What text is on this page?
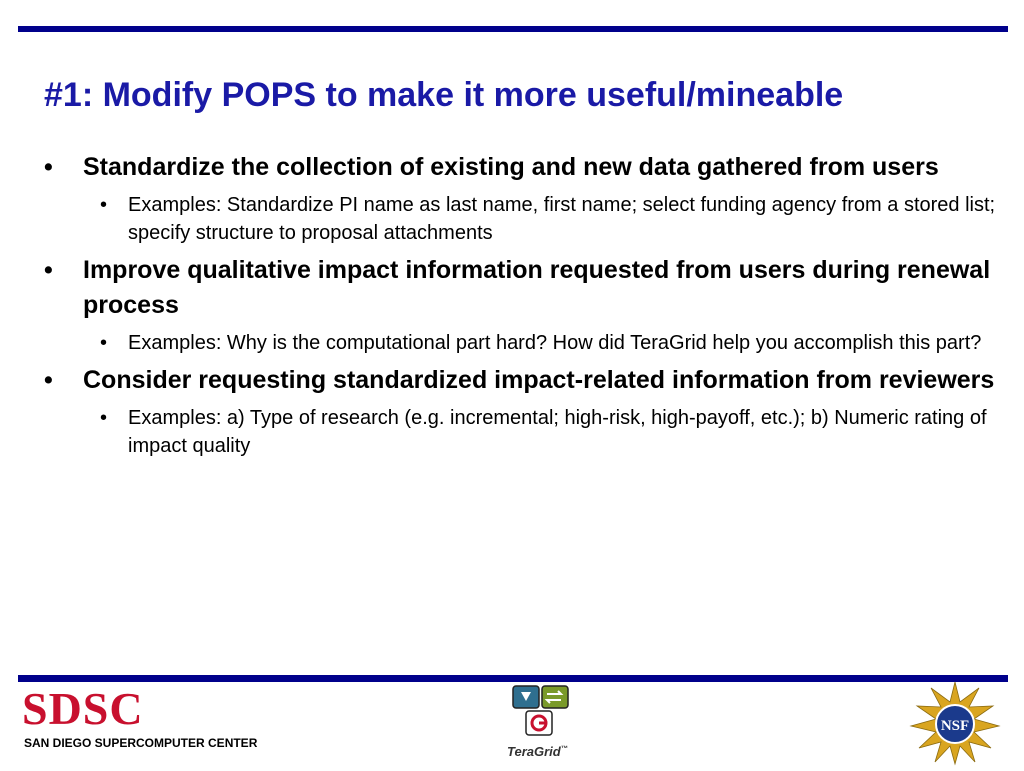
#1: Modify POPS to make it more useful/mineable
• Standardize the collection of existing and new data gathered from users
• Examples: Standardize PI name as last name, first name; select funding agency from a stored list; specify structure to proposal attachments
• Improve qualitative impact information requested from users during renewal process
• Examples: Why is the computational part hard? How did TeraGrid help you accomplish this part?
• Consider requesting standardized impact-related information from reviewers
• Examples: a) Type of research (e.g. incremental; high-risk, high-payoff, etc.); b) Numeric rating of impact quality
SDSC
SAN DIEGO SUPERCOMPUTER CENTER
TeraGrid™
NSF
